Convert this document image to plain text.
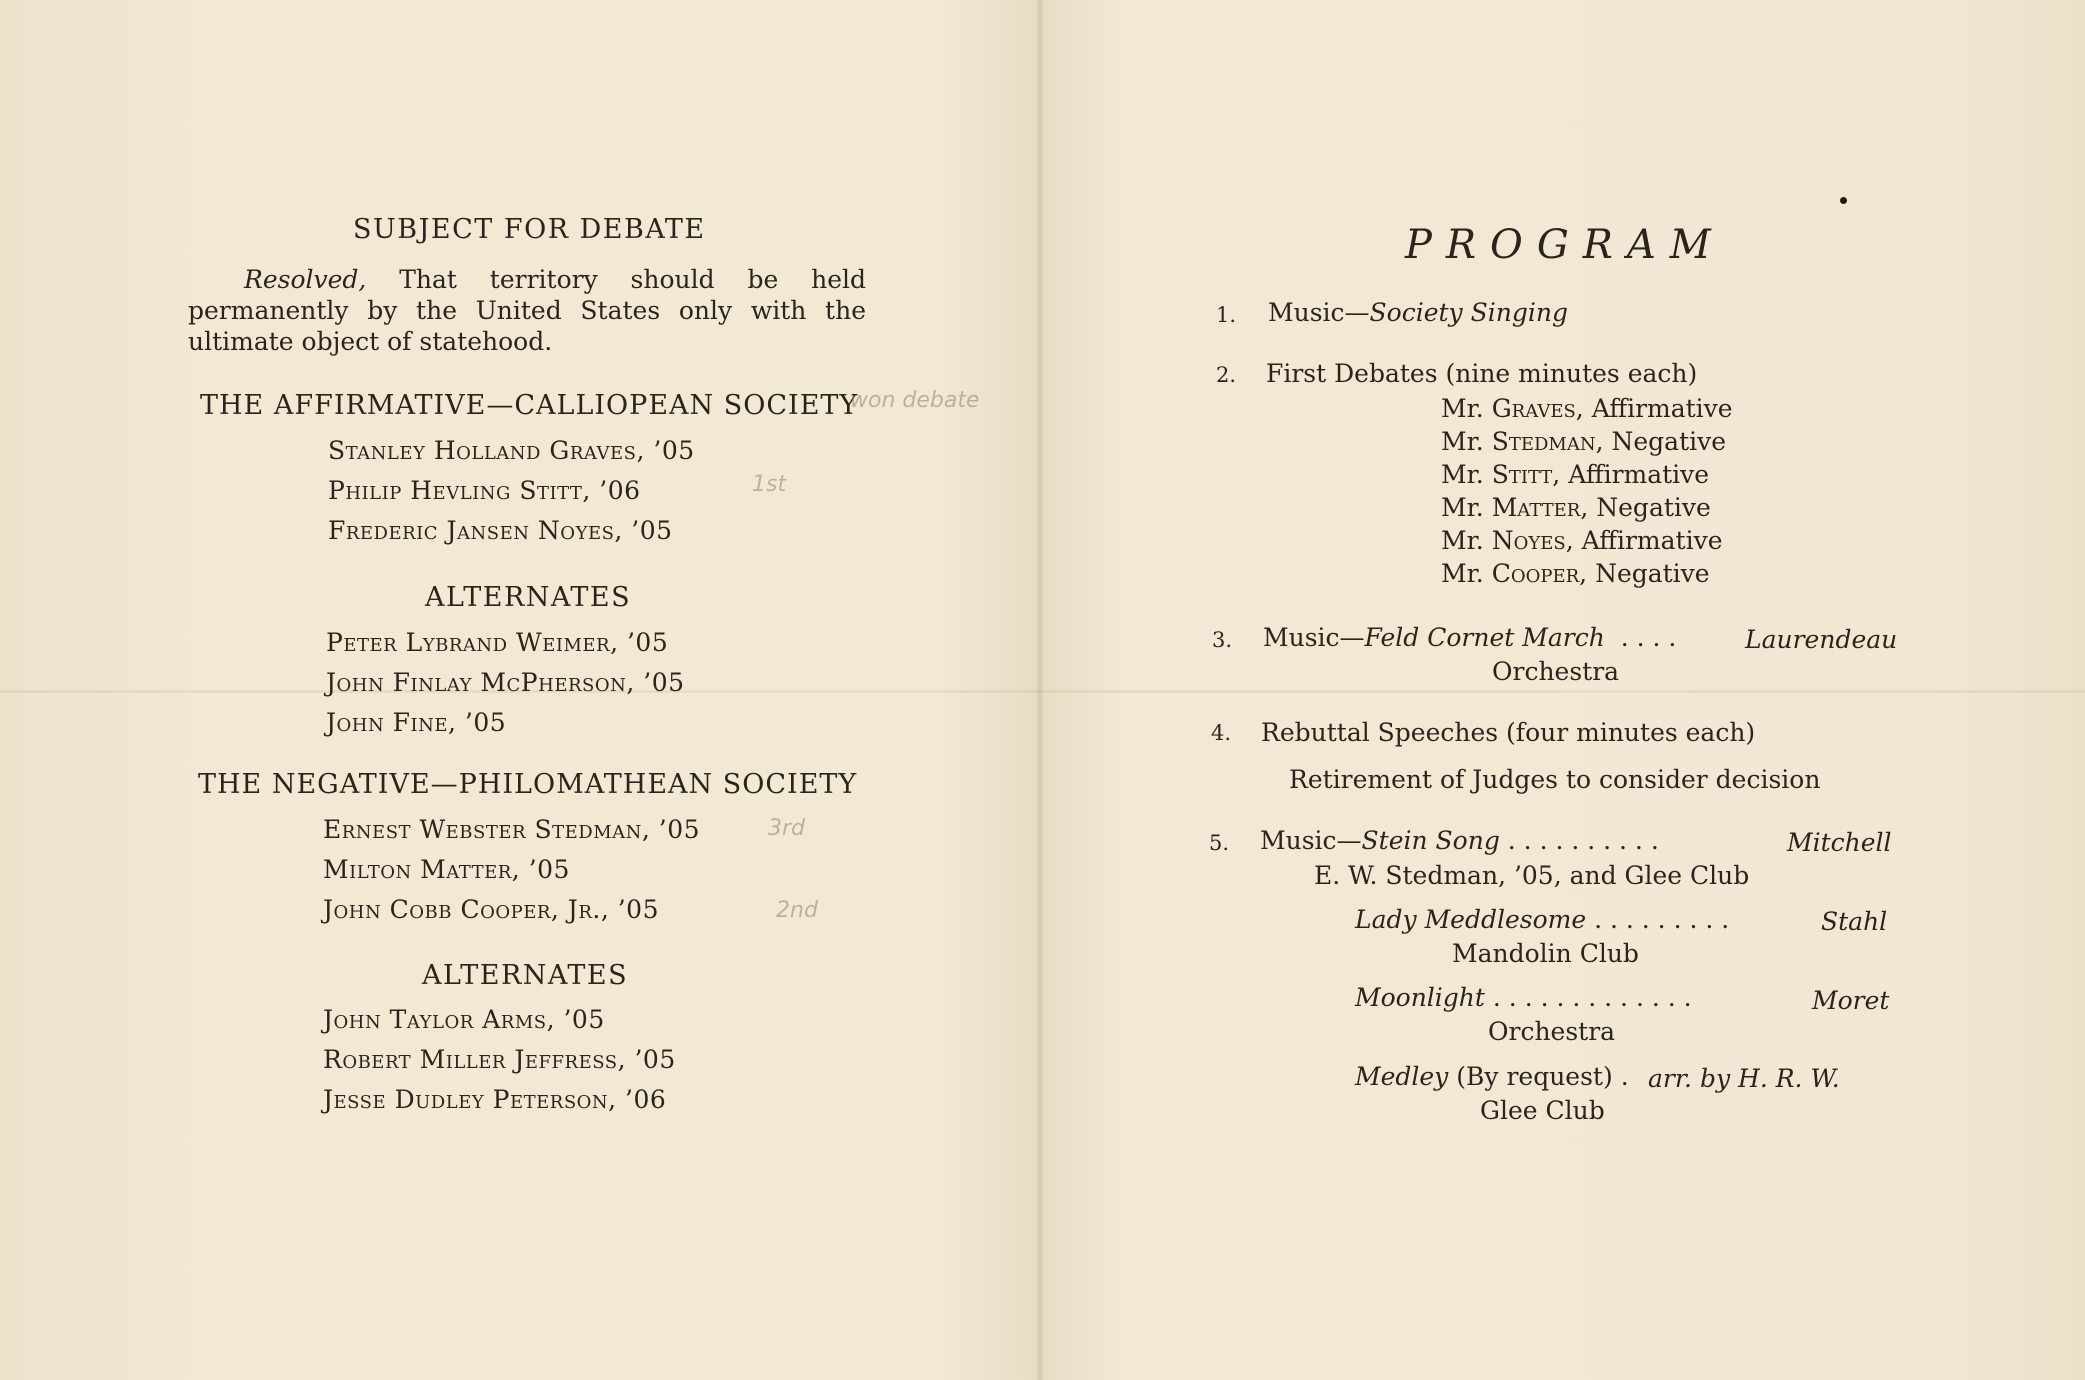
SUBJECT FOR DEBATE
Resolved, That territory should be held permanently by the United States only with the ultimate object of statehood.
THE AFFIRMATIVE—CALLIOPEAN SOCIETY
won debate
Stanley Holland Graves, ’05
Philip Hevling Stitt, ’06	1st
Frederic Jansen Noyes, ’05
ALTERNATES
Peter Lybrand Weimer, ’05
John Finlay McPherson, ’05
John Fine, ’05
THE NEGATIVE—PHILOMATHEAN SOCIETY
Ernest Webster Stedman, ’05	3rd
Milton Matter, ’05
John Cobb Cooper, Jr., ’05	2nd
ALTERNATES
John Taylor Arms, ’05
Robert Miller Jeffress, ’05
Jesse Dudley Peterson, ’06
PROGRAM
1. Music—Society Singing
2. First Debates (nine minutes each)
Mr. Graves, Affirmative
Mr. Stedman, Negative
Mr. Stitt, Affirmative
Mr. Matter, Negative
Mr. Noyes, Affirmative
Mr. Cooper, Negative
3. Music—Feld Cornet March . . . .	Laurendeau
Orchestra
4. Rebuttal Speeches (four minutes each)
Retirement of Judges to consider decision
5. Music—Stein Song . . . . . . . . . .	Mitchell
E. W. Stedman, ’05, and Glee Club
Lady Meddlesome . . . . . . . . .	Stahl
Mandolin Club
Moonlight . . . . . . . . . . . . .	Moret
Orchestra
Medley (By request) . arr. by H. R. W.
Glee Club
